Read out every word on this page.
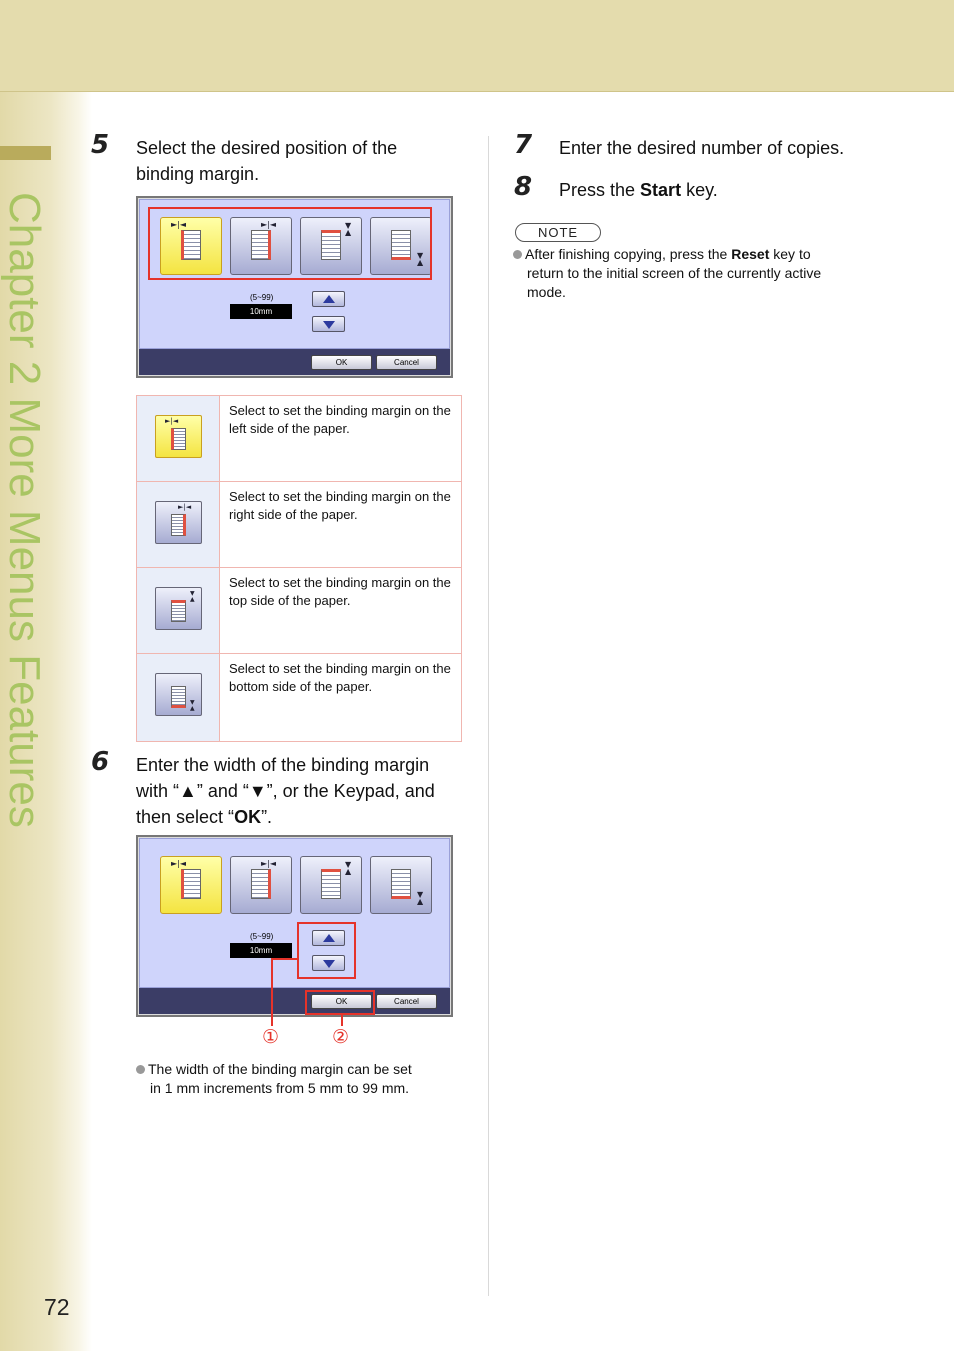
Chapter 2 More Menus Features
72
5 Select the desired position of the
binding margin.
►|◄	►|◄	▼
▲
▼
▲
(5~99)
10mm
OK	Cancel
►|◄
Select to set the binding margin on the left side of the paper.
►|◄
Select to set the binding margin on the right side of the paper.
▼
▲
Select to set the binding margin on the top side of the paper.
▼
▲
Select to set the binding margin on the bottom side of the paper.
6 Enter the width of the binding margin
with “▲” and “▼”, or the Keypad, and
then select “OK”.
►|◄	►|◄	▼
▲
▼
▲
(5~99)
10mm
OK	Cancel
①	②
The width of the binding margin can be set
in 1 mm increments from 5 mm to 99 mm.
7 Enter the desired number of copies.
8 Press the Start key.
NOTE
After finishing copying, press the Reset key to
return to the initial screen of the currently active
mode.
